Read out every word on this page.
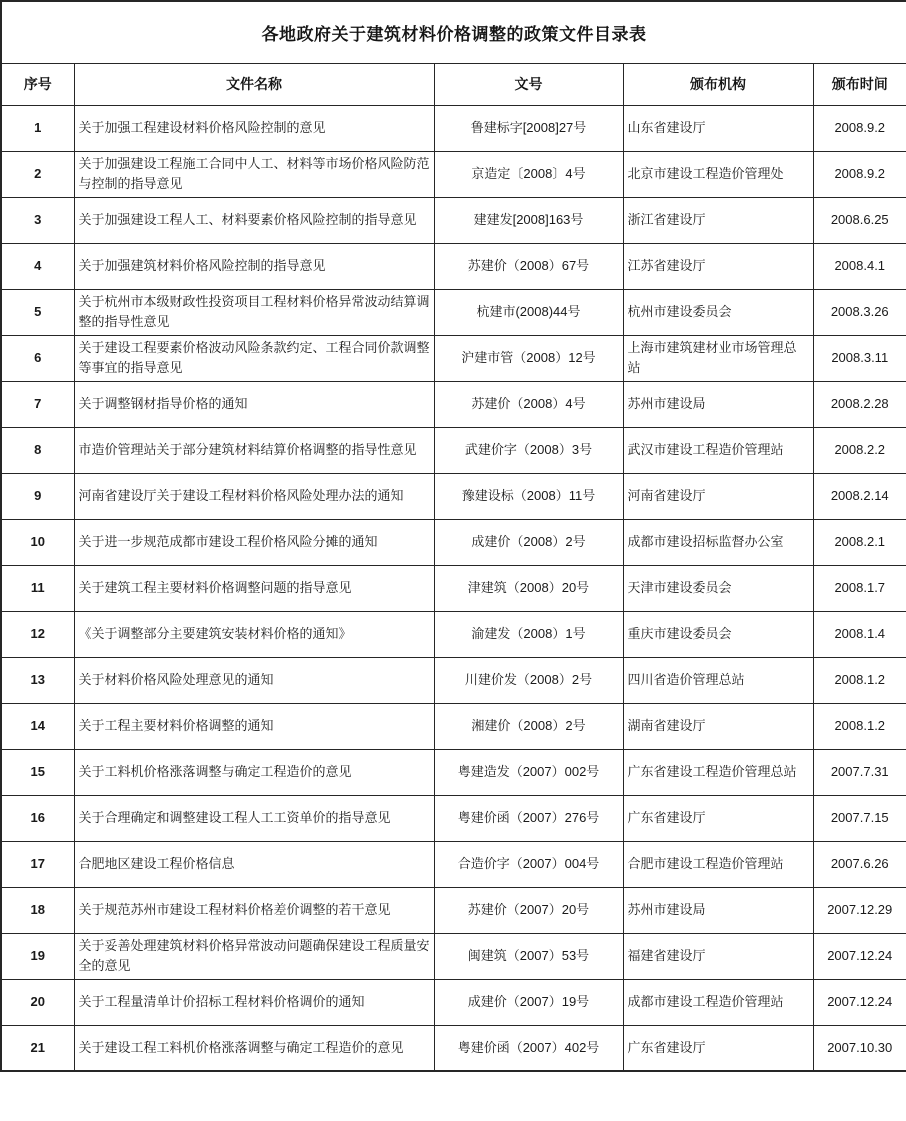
各地政府关于建筑材料价格调整的政策文件目录表				
序号	文件名称	文号	颁布机构	颁布时间
1	关于加强工程建设材料价格风险控制的意见	鲁建标字[2008]27号	山东省建设厅	2008.9.2
2	关于加强建设工程施工合同中人工、材料等市场价格风险防范与控制的指导意见	京造定〔2008〕4号	北京市建设工程造价管理处	2008.9.2
3	关于加强建设工程人工、材料要素价格风险控制的指导意见	建建发[2008]163号	浙江省建设厅	2008.6.25
4	关于加强建筑材料价格风险控制的指导意见	苏建价（2008）67号	江苏省建设厅	2008.4.1
5	关于杭州市本级财政性投资项目工程材料价格异常波动结算调整的指导性意见	杭建市(2008)44号	杭州市建设委员会	2008.3.26
6	关于建设工程要素价格波动风险条款约定、工程合同价款调整等事宜的指导意见	沪建市管（2008）12号	上海市建筑建材业市场管理总站	2008.3.11
7	关于调整钢材指导价格的通知	苏建价（2008）4号	苏州市建设局	2008.2.28
8	市造价管理站关于部分建筑材料结算价格调整的指导性意见	武建价字（2008）3号	武汉市建设工程造价管理站	2008.2.2
9	河南省建设厅关于建设工程材料价格风险处理办法的通知	豫建设标（2008）11号	河南省建设厅	2008.2.14
10	关于进一步规范成都市建设工程价格风险分摊的通知	成建价（2008）2号	成都市建设招标监督办公室	2008.2.1
11	关于建筑工程主要材料价格调整问题的指导意见	津建筑（2008）20号	天津市建设委员会	2008.1.7
12	《关于调整部分主要建筑安装材料价格的通知》	渝建发（2008）1号	重庆市建设委员会	2008.1.4
13	关于材料价格风险处理意见的通知	川建价发（2008）2号	四川省造价管理总站	2008.1.2
14	关于工程主要材料价格调整的通知	湘建价（2008）2号	湖南省建设厅	2008.1.2
15	关于工料机价格涨落调整与确定工程造价的意见	粤建造发（2007）002号	广东省建设工程造价管理总站	2007.7.31
16	关于合理确定和调整建设工程人工工资单价的指导意见	粤建价函（2007）276号	广东省建设厅	2007.7.15
17	合肥地区建设工程价格信息	合造价字（2007）004号	合肥市建设工程造价管理站	2007.6.26
18	关于规范苏州市建设工程材料价格差价调整的若干意见	苏建价（2007）20号	苏州市建设局	2007.12.29
19	关于妥善处理建筑材料价格异常波动问题确保建设工程质量安全的意见	闽建筑（2007）53号	福建省建设厅	2007.12.24
20	关于工程量清单计价招标工程材料价格调价的通知	成建价（2007）19号	成都市建设工程造价管理站	2007.12.24
21	关于建设工程工料机价格涨落调整与确定工程造价的意见	粤建价函（2007）402号	广东省建设厅	2007.10.30
